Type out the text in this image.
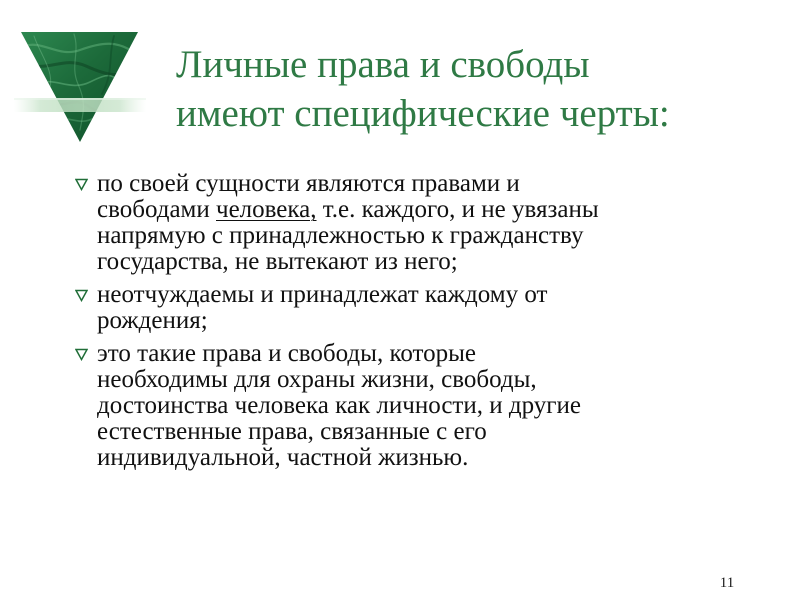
Личные права и свободы
имеют специфические черты:
по своей сущности являются правами и
свободами человека, т.е. каждого, и не увязаны
напрямую с принадлежностью к гражданству
государства, не вытекают из него;
неотчуждаемы и принадлежат каждому от
рождения;
это такие права и свободы, которые
необходимы для охраны жизни, свободы,
достоинства человека как личности, и другие
естественные права, связанные с его
индивидуальной, частной жизнью.
11
